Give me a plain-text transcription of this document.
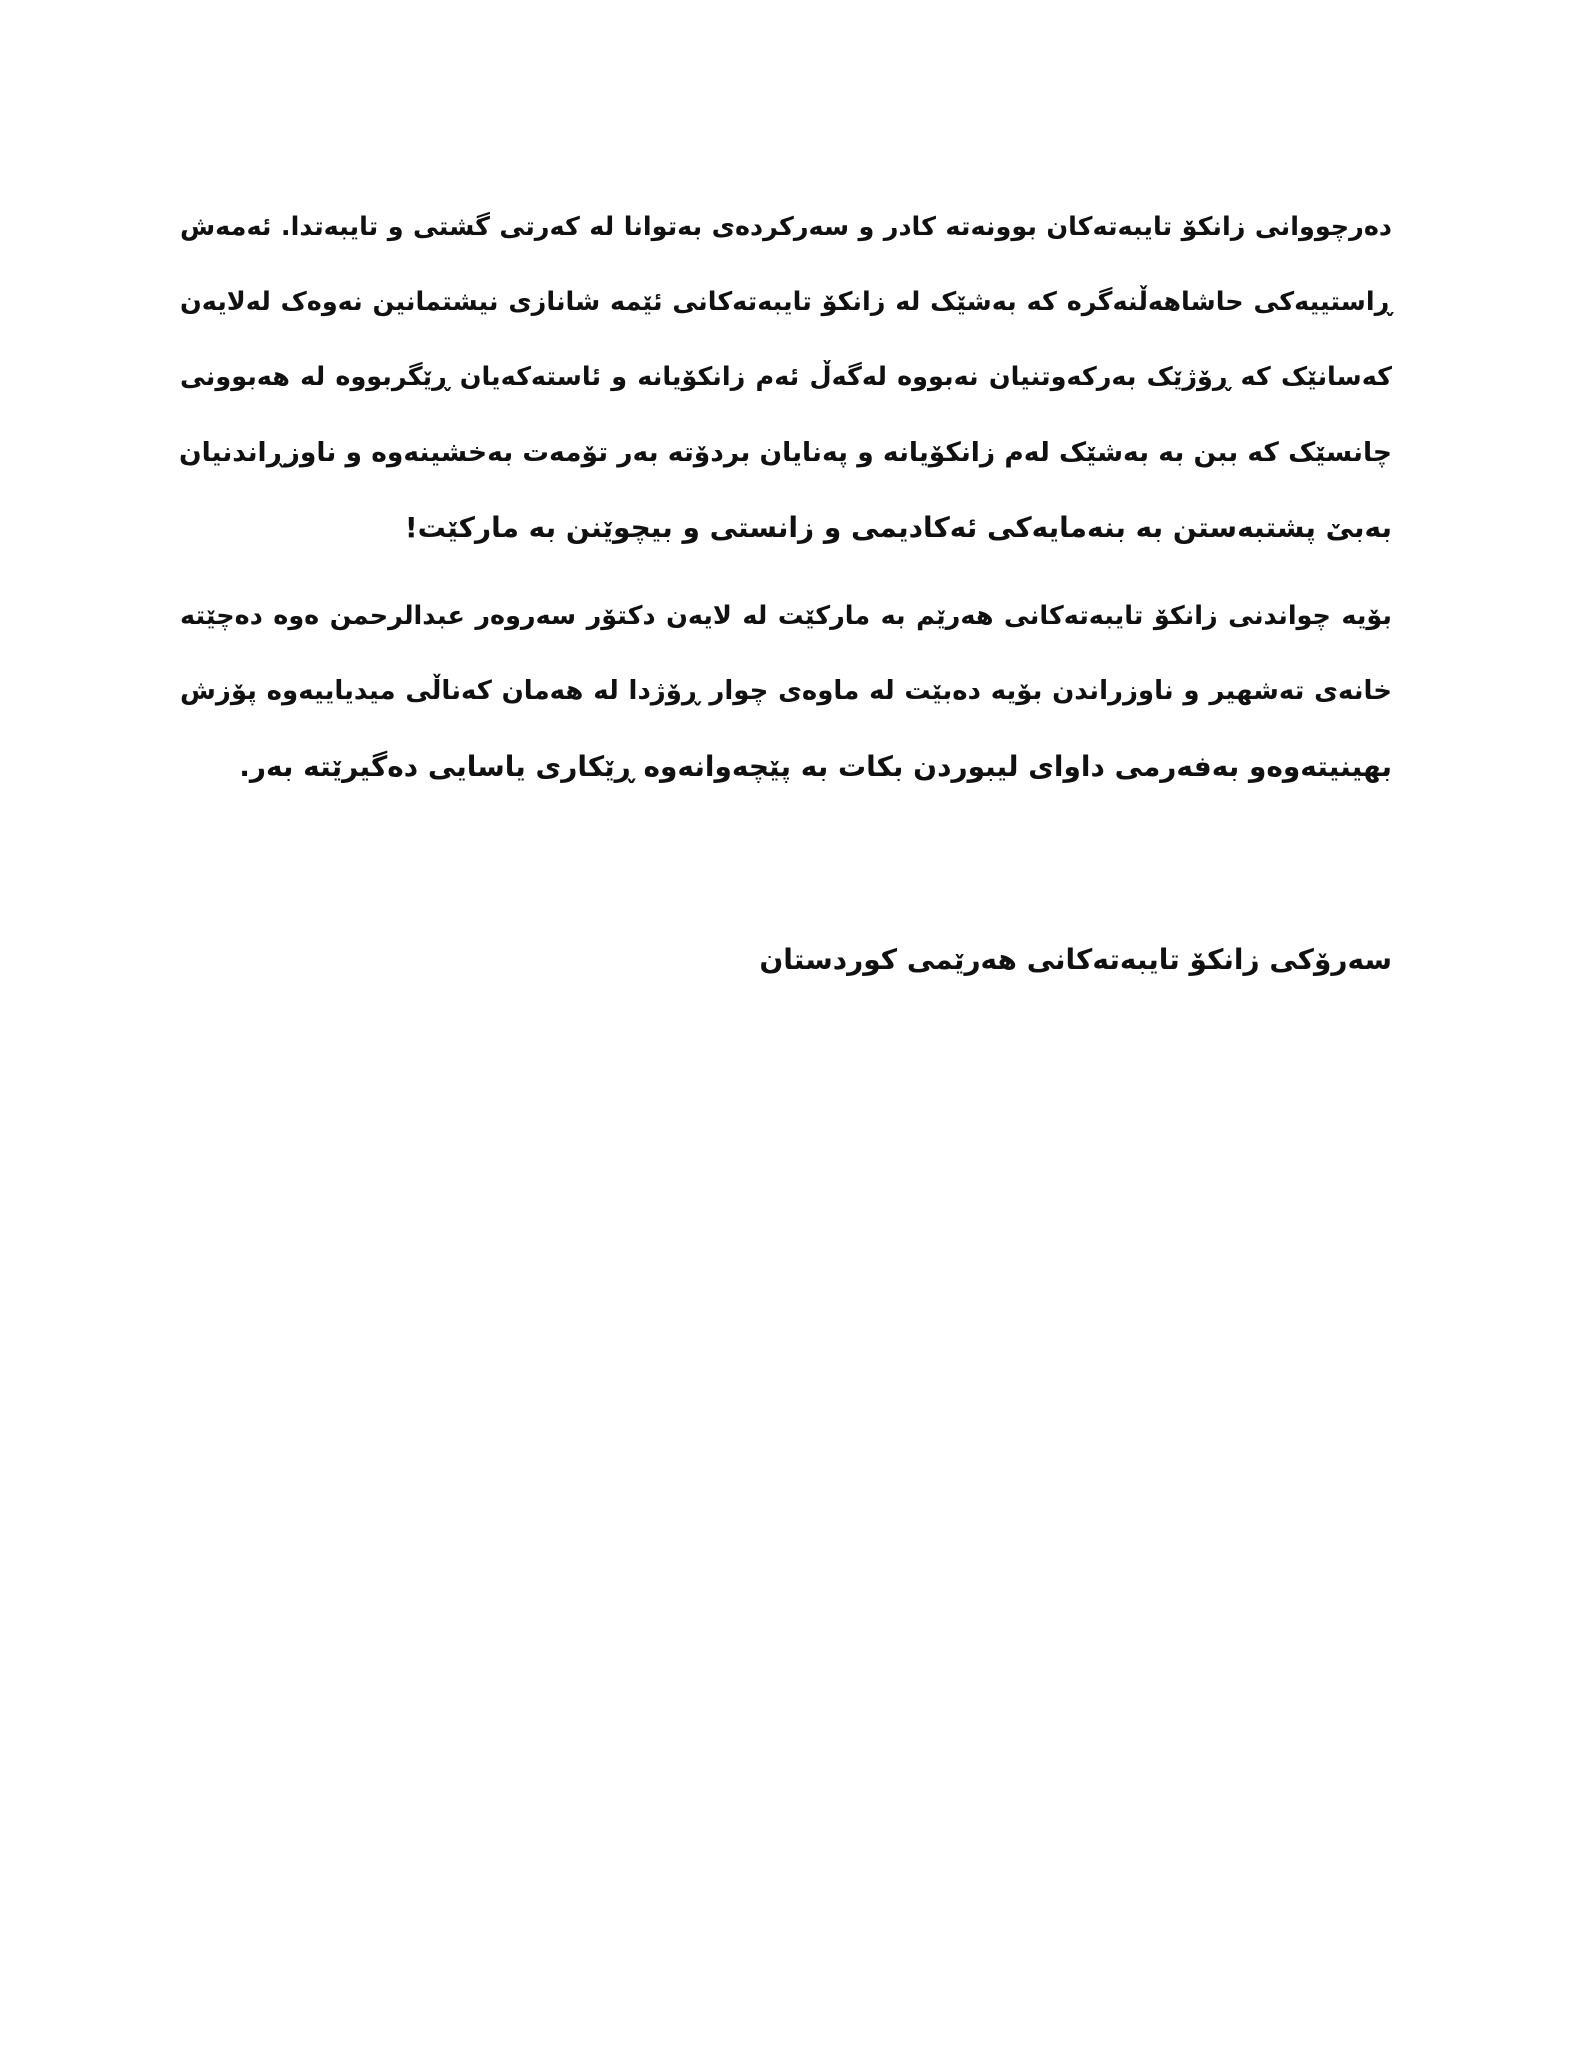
دەرچووانی زانکۆ تایبەتەکان بوونەتە کادر و سەرکردەی بەتوانا لە کەرتی گشتی و تایبەتدا. ئەمەش
ڕاستییەکی حاشاهەڵنەگرە کە بەشێک لە زانکۆ تایبەتەکانی ئێمە شانازی نیشتمانین نەوەک لەلایەن
کەسانێک کە ڕۆژێک بەرکەوتنیان نەبووە لەگەڵ ئەم زانکۆیانە و ئاستەکەیان ڕێگربووە لە هەبوونی
چانسێک کە ببن بە بەشێک لەم زانکۆیانە و پەنایان بردۆتە بەر تۆمەت بەخشینەوە و ناوزڕاندنیان
بەبێ پشتبەستن بە بنەمایەکی ئەکادیمی و زانستی و بیچوێنن بە مارکێت!

بۆیە چواندنی زانکۆ تایبەتەکانی هەرێم بە مارکێت لە لایەن دکتۆر سەروەر عبدالرحمن ەوە دەچێتە
خانەی تەشهیر و ناوزراندن بۆیە دەبێت لە ماوەی چوار ڕۆژدا لە هەمان کەناڵی میدیاییەوە پۆزش
بهینیتەوەو بەفەرمی داوای لیبوردن بکات بە پێچەوانەوە ڕێکاری یاسایی دەگیرێتە بەر.

سەرۆکی زانکۆ تایبەتەکانی هەرێمی کوردستان
